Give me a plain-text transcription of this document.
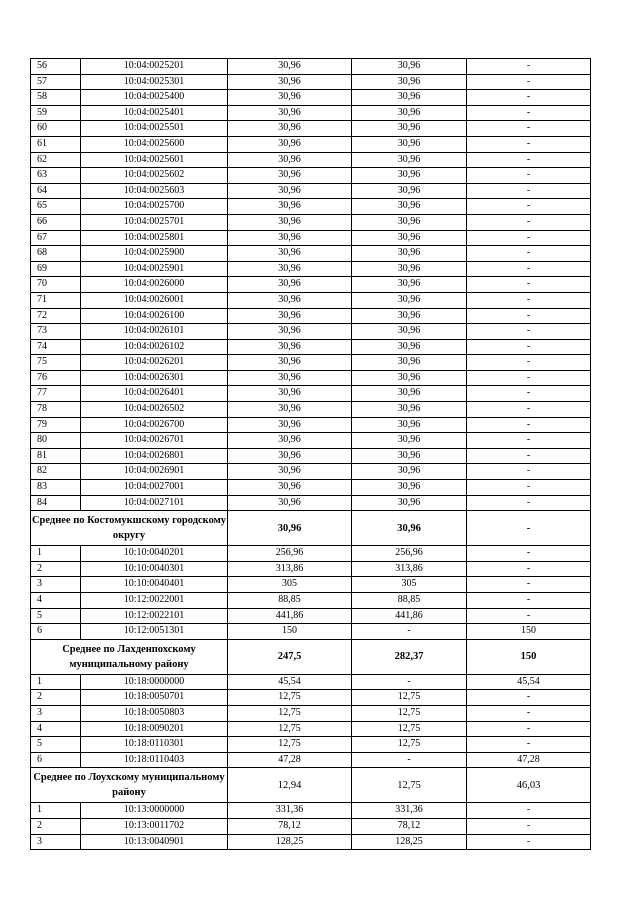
56	10:04:0025201	30,96	30,96	-
57	10:04:0025301	30,96	30,96	-
58	10:04:0025400	30,96	30,96	-
59	10:04:0025401	30,96	30,96	-
60	10:04:0025501	30,96	30,96	-
61	10:04:0025600	30,96	30,96	-
62	10:04:0025601	30,96	30,96	-
63	10:04:0025602	30,96	30,96	-
64	10:04:0025603	30,96	30,96	-
65	10:04:0025700	30,96	30,96	-
66	10:04:0025701	30,96	30,96	-
67	10:04:0025801	30,96	30,96	-
68	10:04:0025900	30,96	30,96	-
69	10:04:0025901	30,96	30,96	-
70	10:04:0026000	30,96	30,96	-
71	10:04:0026001	30,96	30,96	-
72	10:04:0026100	30,96	30,96	-
73	10:04:0026101	30,96	30,96	-
74	10:04:0026102	30,96	30,96	-
75	10:04:0026201	30,96	30,96	-
76	10:04:0026301	30,96	30,96	-
77	10:04:0026401	30,96	30,96	-
78	10:04:0026502	30,96	30,96	-
79	10:04:0026700	30,96	30,96	-
80	10:04:0026701	30,96	30,96	-
81	10:04:0026801	30,96	30,96	-
82	10:04:0026901	30,96	30,96	-
83	10:04:0027001	30,96	30,96	-
84	10:04:0027101	30,96	30,96	-
Среднее по Костомукшскому городскому округу		30,96	30,96	-
1	10:10:0040201	256,96	256,96	-
2	10:10:0040301	313,86	313,86	-
3	10:10:0040401	305	305	-
4	10:12:0022001	88,85	88,85	-
5	10:12:0022101	441,86	441,86	-
6	10:12:0051301	150	-	150
Среднее по Лахденпохскому муниципальному району		247,5	282,37	150
1	10:18:0000000	45,54	-	45,54
2	10:18:0050701	12,75	12,75	-
3	10:18:0050803	12,75	12,75	-
4	10:18:0090201	12,75	12,75	-
5	10:18:0110301	12,75	12,75	-
6	10:18:0110403	47,28	-	47,28
Среднее по Лоухскому муниципальному району		12,94	12,75	46,03
1	10:13:0000000	331,36	331,36	-
2	10:13:0011702	78,12	78,12	-
3	10:13:0040901	128,25	128,25	-
